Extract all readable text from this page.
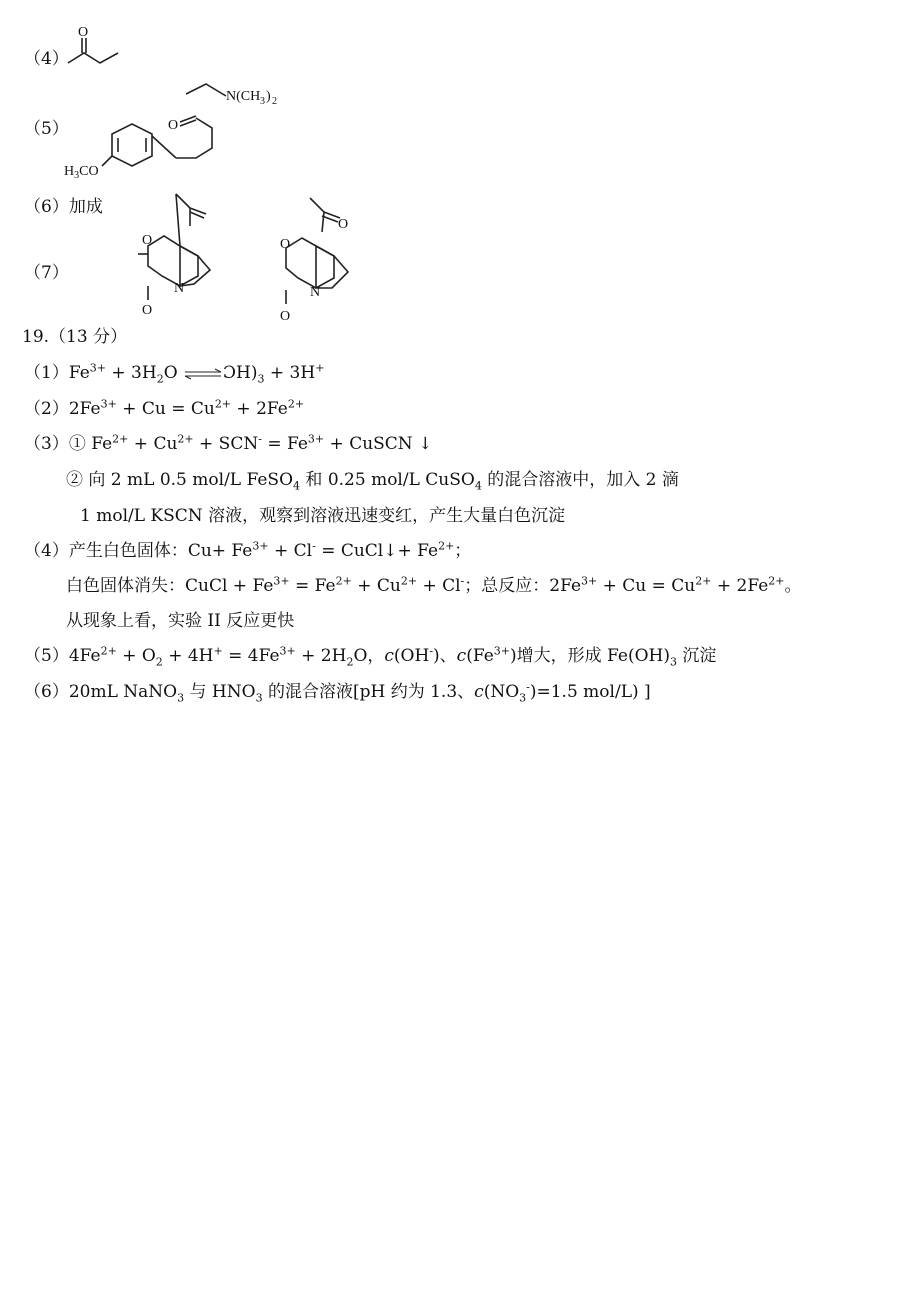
（4）
O
（5）
N(CH 3 ) 2
O
$H_3CO$
（6）加成
（7）
O
N
O
O
O
N
O
19.（13 分）
$(1)Fe^{3+} + 3H_2O$ $\rightleftharpoons ƆH)_3 + 3H^+$
$(2)2Fe^{3+} + Cu = Cu^{2+} + 2Fe^{2+}$
（3）① $Fe^{2+} + Cu^{2+} + SCN^- = Fe^{3+}$ + CuSCN ↓
② 向 2 mL 0.5 mol/L FeSO$_4$ 和 0.25 mol/L CuSO$_4$ 的混合溶液中，加入 2 滴
1 mol/L KSCN 溶液，观察到溶液迅速变红，产生大量白色沉淀
（4）产生白色固体：$Cu+ Fe^{3+} + Cl^-$ = CuCl↓+ $Fe^{2+}$；
白色固体消失：CuCl + $Fe^{3+} = Fe^{2+} + Cu^{2+} + Cl^-$；总反应：$2Fe^{3+} + Cu = Cu^{2+} + 2Fe^{2+}$。
从现象上看，实验 II 反应更快
$(5)4Fe^{2+} + O_2 + 4H^+ = 4Fe^{3+} + 2H_2O$，c(OH-)、$c(Fe^{3+})$增大，形成 $Fe(OH)_3$ 沉淀
（6）20mL NaNO$_3$ 与 $HNO_3$ 的混合溶液[pH 约为 1.3、$c(NO_3^-)=1.5$ mol/L) ]
